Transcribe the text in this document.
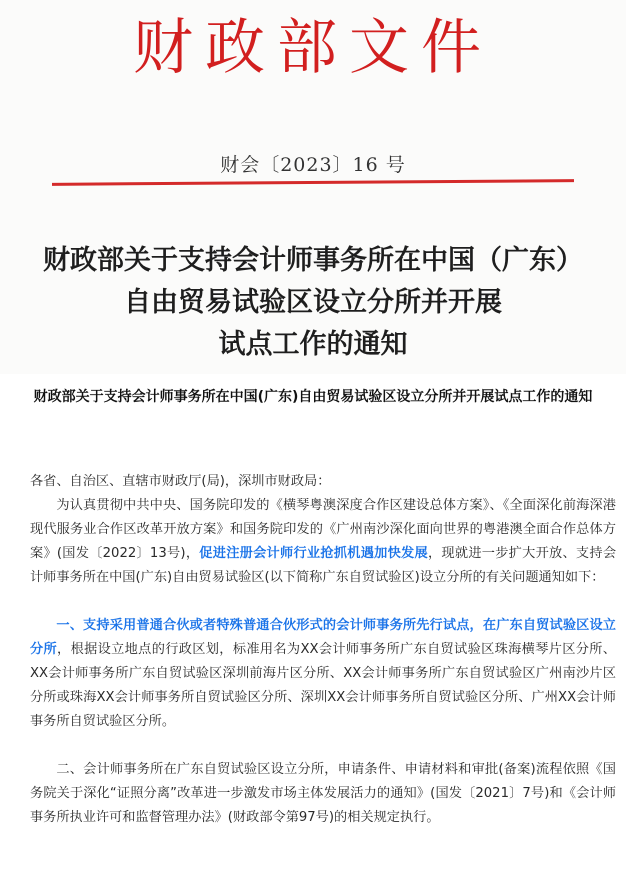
财政部文件
财会〔2023〕16 号
财政部关于支持会计师事务所在中国（广东）
自由贸易试验区设立分所并开展
试点工作的通知
财政部关于支持会计师事务所在中国(广东)自由贸易试验区设立分所并开展试点工作的通知

各省、自治区、直辖市财政厅(局)，深圳市财政局：

为认真贯彻中共中央、国务院印发的《横琴粤澳深度合作区建设总体方案》、《全面深化前海深港现代服务业合作区改革开放方案》和国务院印发的《广州南沙深化面向世界的粤港澳全面合作总体方案》(国发〔2022〕13号)，促进注册会计师行业抢抓机遇加快发展，现就进一步扩大开放、支持会计师事务所在中国(广东)自由贸易试验区(以下简称广东自贸试验区)设立分所的有关问题通知如下：

一、支持采用普通合伙或者特殊普通合伙形式的会计师事务所先行试点，在广东自贸试验区设立分所，根据设立地点的行政区划，标准用名为XX会计师事务所广东自贸试验区珠海横琴片区分所、XX会计师事务所广东自贸试验区深圳前海片区分所、XX会计师事务所广东自贸试验区广州南沙片区分所或珠海XX会计师事务所自贸试验区分所、深圳XX会计师事务所自贸试验区分所、广州XX会计师事务所自贸试验区分所。

二、会计师事务所在广东自贸试验区设立分所，申请条件、申请材料和审批(备案)流程依照《国务院关于深化“证照分离”改革进一步激发市场主体发展活力的通知》(国发〔2021〕7号)和《会计师事务所执业许可和监督管理办法》(财政部令第97号)的相关规定执行。
